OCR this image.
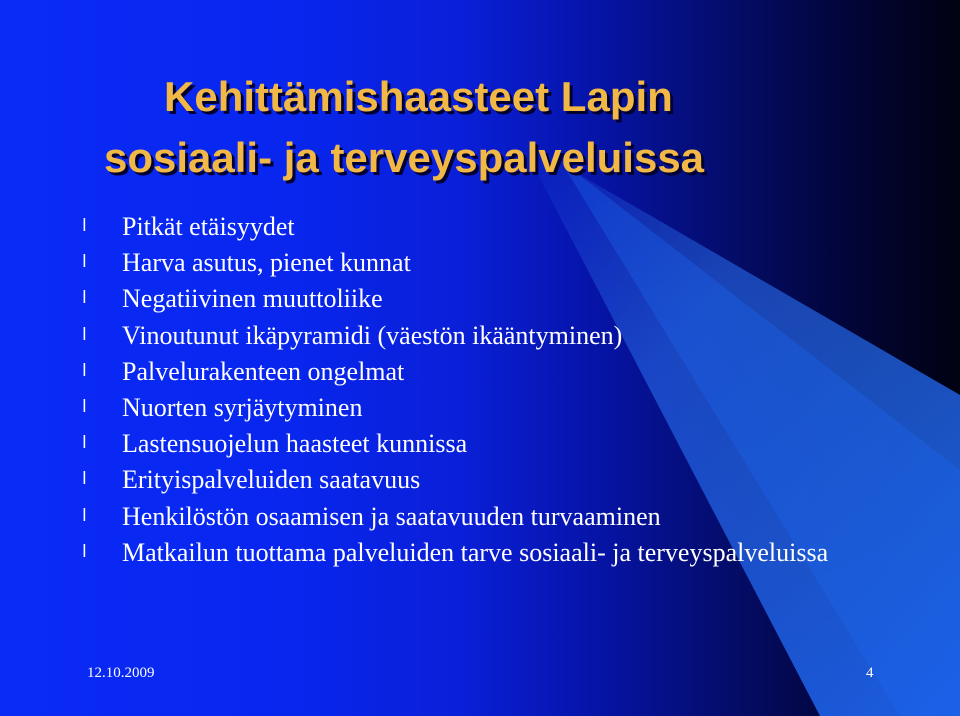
Kehittämishaasteet Lapin
sosiaali- ja terveyspalveluissa
l Pitkät etäisyydet
l Harva asutus, pienet kunnat
l Negatiivinen muuttoliike
l Vinoutunut ikäpyramidi (väestön ikääntyminen)
l Palvelurakenteen ongelmat
l Nuorten syrjäytyminen
l Lastensuojelun haasteet kunnissa
l Erityispalveluiden saatavuus
l Henkilöstön osaamisen ja saatavuuden turvaaminen
l Matkailun tuottama palveluiden tarve sosiaali- ja terveyspalveluissa
12.10.2009	4
